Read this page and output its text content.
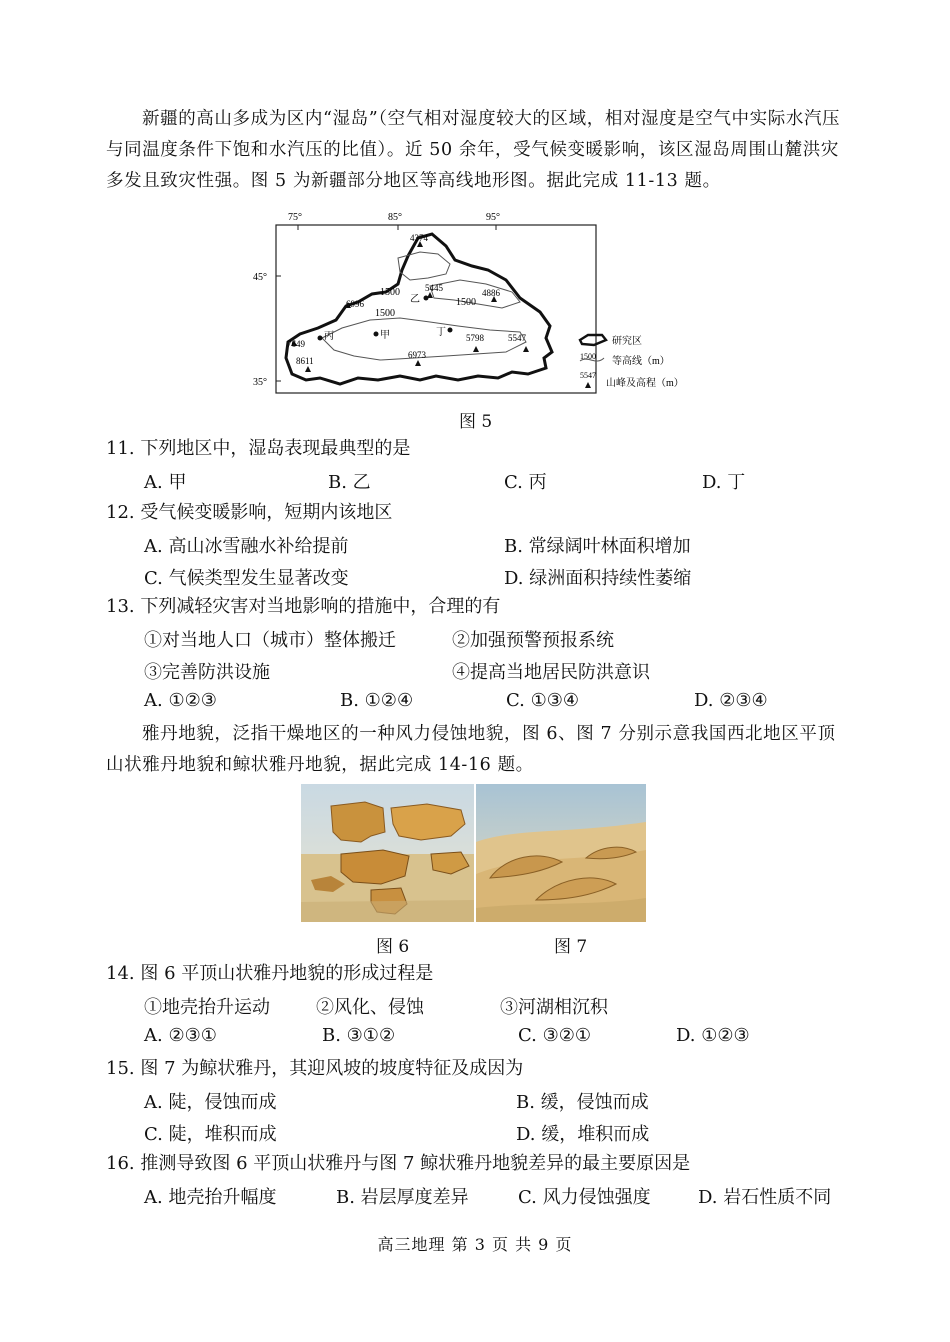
新疆的高山多成为区内“湿岛”（空气相对湿度较大的区域，相对湿度是空气中实际水汽压与同温度条件下饱和水汽压的比值）。近 50 余年，受气候变暖影响，该区湿岛周围山麓洪灾多发且致灾性强。图 5 为新疆部分地区等高线地形图。据此完成 11-13 题。
75°	85°	95°
45°
35°
1500
1500
1500
4374
5445	4886
6996
7649
8611
6973
5798	5547
甲
乙
丙	丁
研究区
1500 等高线（m）
5547
山峰及高程（m）
图 5
11. 下列地区中，湿岛表现最典型的是
A. 甲	B. 乙	C. 丙	D. 丁
12. 受气候变暖影响，短期内该地区
A. 高山冰雪融水补给提前	B. 常绿阔叶林面积增加
C. 气候类型发生显著改变	D. 绿洲面积持续性萎缩
13. 下列减轻灾害对当地影响的措施中，合理的有
①对当地人口（城市）整体搬迁	②加强预警预报系统
③完善防洪设施	④提高当地居民防洪意识
A. ①②③	B. ①②④	C. ①③④	D. ②③④
雅丹地貌，泛指干燥地区的一种风力侵蚀地貌，图 6、图 7 分别示意我国西北地区平顶山状雅丹地貌和鲸状雅丹地貌，据此完成 14-16 题。
图 6	图 7
14. 图 6 平顶山状雅丹地貌的形成过程是
①地壳抬升运动	②风化、侵蚀	③河湖相沉积
A. ②③①	B. ③①②	C. ③②①	D. ①②③
15. 图 7 为鲸状雅丹，其迎风坡的坡度特征及成因为
A. 陡，侵蚀而成	B. 缓，侵蚀而成
C. 陡，堆积而成	D. 缓，堆积而成
16. 推测导致图 6 平顶山状雅丹与图 7 鲸状雅丹地貌差异的最主要原因是
A. 地壳抬升幅度	B. 岩层厚度差异	C. 风力侵蚀强度	D. 岩石性质不同
高三地理 第 3 页 共 9 页
